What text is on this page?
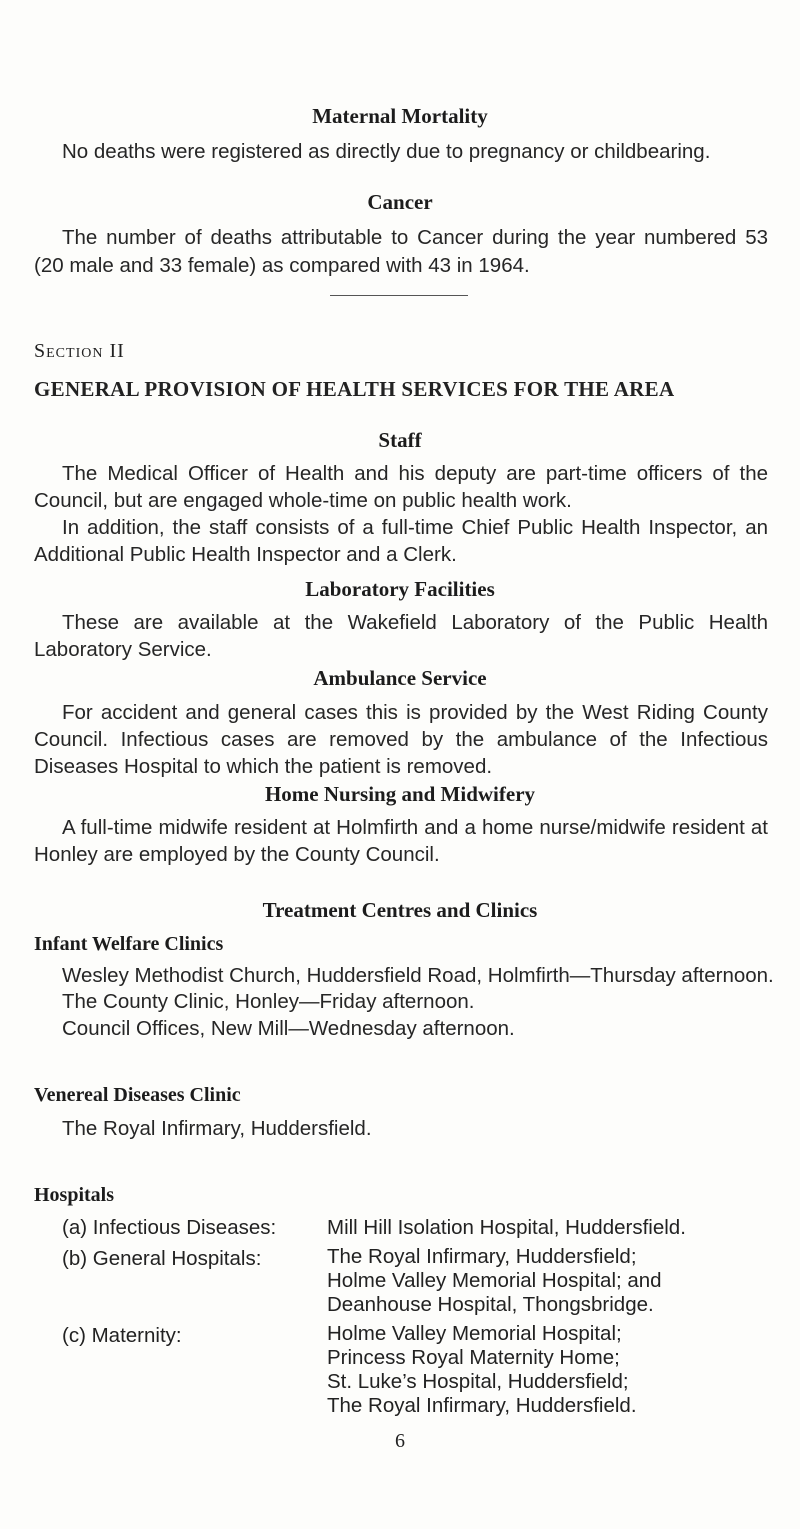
Maternal Mortality
No deaths were registered as directly due to pregnancy or childbearing.
Cancer
The number of deaths attributable to Cancer during the year numbered 53 (20 male and 33 female) as compared with 43 in 1964.
Section II
GENERAL PROVISION OF HEALTH SERVICES FOR THE AREA
Staff
The Medical Officer of Health and his deputy are part-time officers of the Council, but are engaged whole-time on public health work.
In addition, the staff consists of a full-time Chief Public Health Inspector, an Additional Public Health Inspector and a Clerk.
Laboratory Facilities
These are available at the Wakefield Laboratory of the Public Health Laboratory Service.
Ambulance Service
For accident and general cases this is provided by the West Riding County Council. Infectious cases are removed by the ambulance of the Infectious Diseases Hospital to which the patient is removed.
Home Nursing and Midwifery
A full-time midwife resident at Holmfirth and a home nurse/midwife resident at Honley are employed by the County Council.
Treatment Centres and Clinics
Infant Welfare Clinics
Wesley Methodist Church, Huddersfield Road, Holmfirth—Thursday afternoon.
The County Clinic, Honley—Friday afternoon.
Council Offices, New Mill—Wednesday afternoon.
Venereal Diseases Clinic
The Royal Infirmary, Huddersfield.
Hospitals
(a) Infectious Diseases: Mill Hill Isolation Hospital, Huddersfield.
(b) General Hospitals:	The Royal Infirmary, Huddersfield;
Holme Valley Memorial Hospital; and
Deanhouse Hospital, Thongsbridge.
(c) Maternity:	Holme Valley Memorial Hospital;
Princess Royal Maternity Home;
St. Luke’s Hospital, Huddersfield;
The Royal Infirmary, Huddersfield.
6
